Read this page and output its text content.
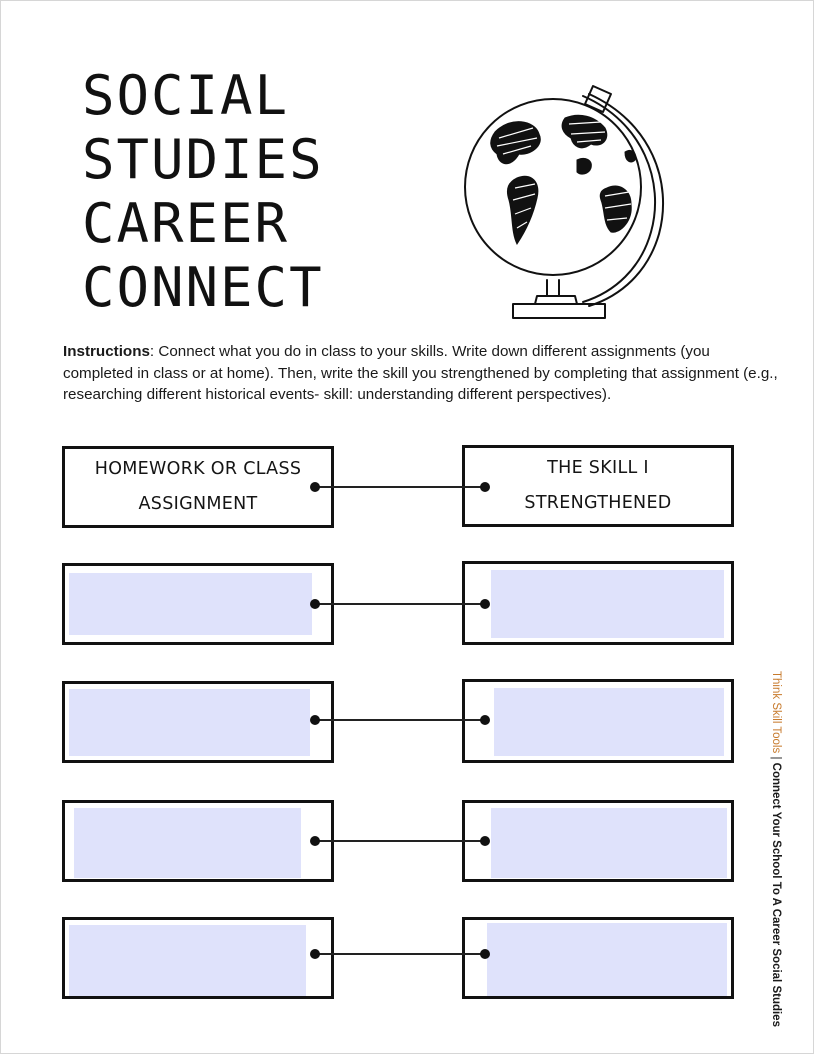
SOCIAL
STUDIES
CAREER
CONNECT

Instructions: Connect what you do in class to your skills. Write down different assignments (you completed in class or at home). Then, write the skill you strengthened by completing that assignment (e.g., researching different historical events- skill: understanding different perspectives).

HOMEWORK OR CLASS ASSIGNMENT
THE SKILL I STRENGTHENED

Think Skill Tools | Connect Your School To A Career Social Studies
